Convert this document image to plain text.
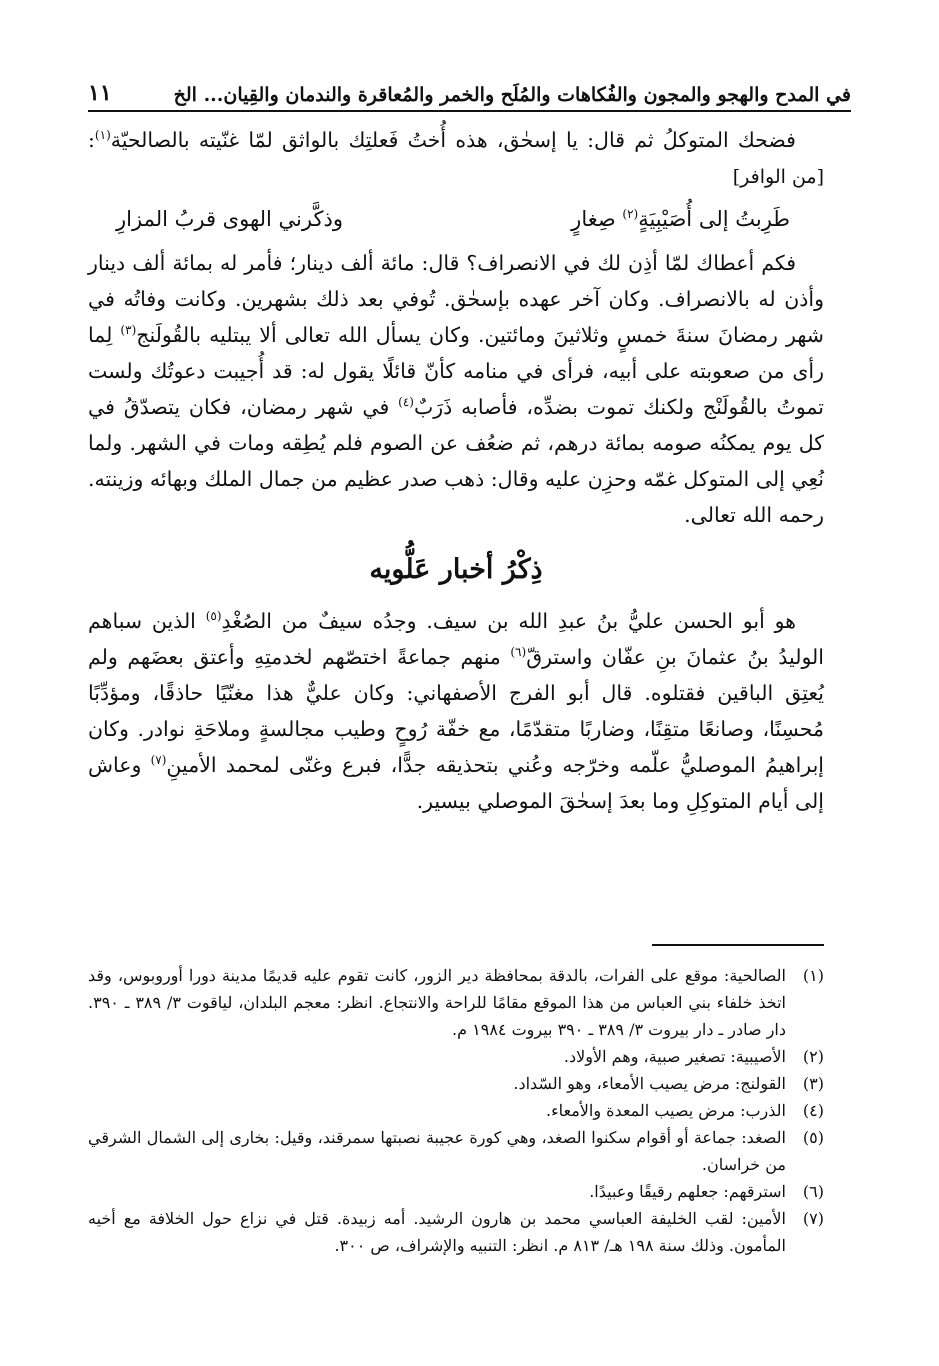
في المدح والهجو والمجون والفُكاهات والمُلَح والخمر والمُعاقرة والندمان والقِيان... الخ
١١

فضحك المتوكلُ ثم قال: يا إسحٰق، هذه أُختُ فَعلتِك بالواثق لمّا غنّيته بالصالحيّة$^{(١)}$: [من الوافر]

طَرِبتُ إلى أُصَيْبِيَةٍ$^{(٢)}$ صِغارٍ
وذكَّرني الهوى قربُ المزارِ

فكم أعطاك لمّا أذِن لك في الانصراف؟ قال: مائة ألف دينار؛ فأمر له بمائة ألف دينار وأذن له بالانصراف. وكان آخر عهده بإسحٰق. تُوفي بعد ذلك بشهرين. وكانت وفاتُه في شهر رمضانَ سنةَ خمسٍ وثلاثينَ ومائتين. وكان يسأل الله تعالى ألا يبتليه بالقُولَنج$^{(٣)}$ لِما رأى من صعوبته على أبيه، فرأى في منامه كأنّ قائلًا يقول له: قد أُجيبت دعوتُك ولست تموتُ بالقُولَنْج ولكنك تموت بضدِّه، فأصابه ذَرَبٌ$^{(٤)}$ في شهر رمضان، فكان يتصدّقُ في كل يوم يمكنُه صومه بمائة درهم، ثم ضعُف عن الصوم فلم يُطِقه ومات في الشهر. ولما نُعِي إلى المتوكل غمّه وحزِن عليه وقال: ذهب صدر عظيم من جمال الملك وبهائه وزينته. رحمه الله تعالى.

ذِكْرُ أخبار عَلُّويه

هو أبو الحسن عليُّ بنُ عبدِ الله بن سيف. وجدُه سيفٌ من الصُغْدِ$^{(٥)}$ الذين سباهم الوليدُ بنُ عثمانَ بنِ عفّان واسترقّ$^{(٦)}$ منهم جماعةً اختصّهم لخدمتِهِ وأعتق بعضَهم ولم يُعتِق الباقين فقتلوه. قال أبو الفرج الأصفهاني: وكان عليٌّ هذا مغنّيًا حاذقًا، ومؤدِّبًا مُحسِنًا، وصانعًا متقِنًا، وضاربًا متقدّمًا، مع خفّة رُوحٍ وطيب مجالسةٍ وملاحَةِ نوادر. وكان إبراهيمُ الموصليُّ علّمه وخرّجه وعُني بتحذيقه جدًّا، فبرع وغنّى لمحمد الأمينِ$^{(٧)}$ وعاش إلى أيام المتوكِلِ وما بعدَ إسحٰقَ الموصلي بيسير.

(١)
الصالحية: موقع على الفرات، بالدقة بمحافظة دير الزور، كانت تقوم عليه قديمًا مدينة دورا أوروبوس، وقد اتخذ خلفاء بني العباس من هذا الموقع مقامًا للراحة والانتجاع. انظر: معجم البلدان، لياقوت ٣/ ٣٨٩ ـ ٣٩٠. دار صادر ـ دار بيروت ٣/ ٣٨٩ ـ ٣٩٠ بيروت ١٩٨٤ م.
(٢)
الأصيبية: تصغير صبية، وهم الأولاد.
(٣)
القولنج: مرض يصيب الأمعاء، وهو السّداد.
(٤)
الذرب: مرض يصيب المعدة والأمعاء.
(٥)
الصغد: جماعة أو أقوام سكنوا الصغد، وهي كورة عجيبة نصبتها سمرقند، وقيل: بخارى إلى الشمال الشرقي من خراسان.
(٦)
استرقهم: جعلهم رقيقًا وعبيدًا.
(٧)
الأمين: لقب الخليفة العباسي محمد بن هارون الرشيد. أمه زبيدة. قتل في نزاع حول الخلافة مع أخيه المأمون. وذلك سنة ١٩٨ هـ/ ٨١٣ م. انظر: التنبيه والإشراف، ص ٣٠٠.
